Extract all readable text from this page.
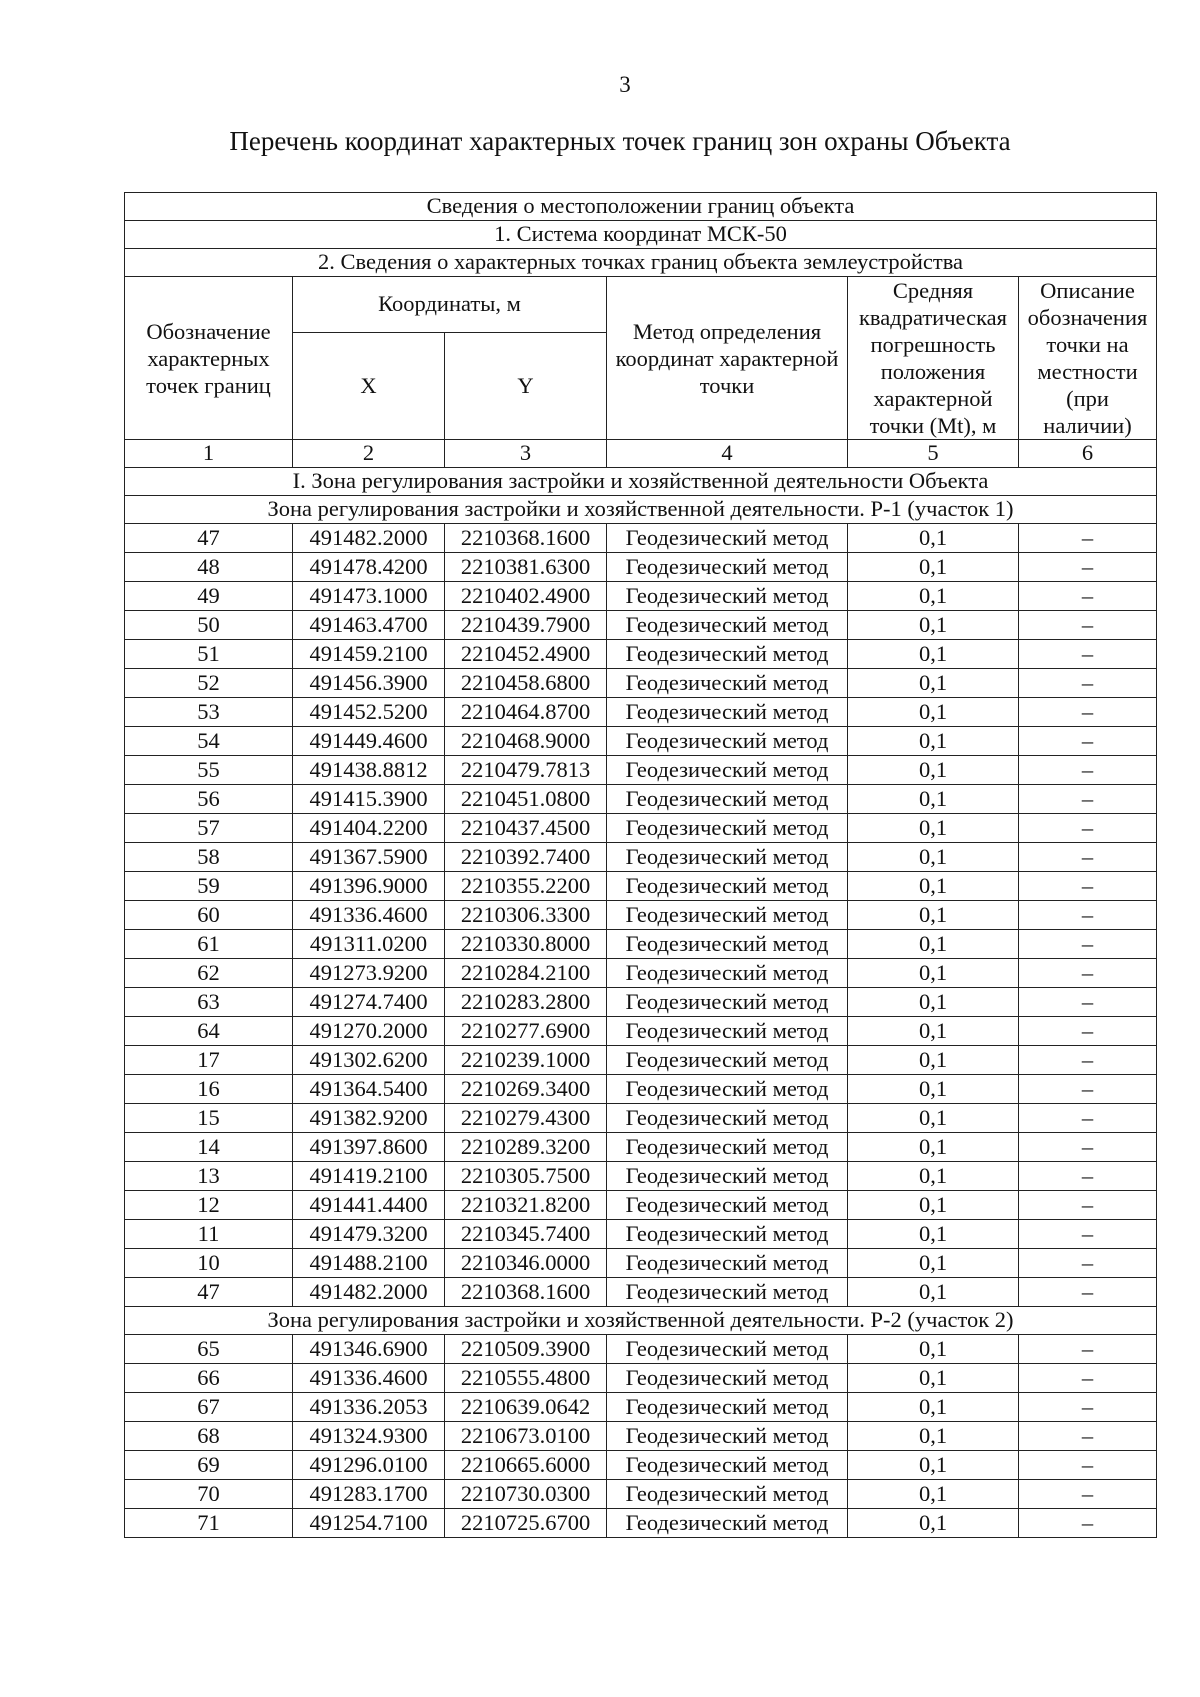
3
Перечень координат характерных точек границ зон охраны Объекта
Сведения о местоположении границ объекта					
1. Система координат МСК-50					
2. Сведения о характерных точках границ объекта землеустройства					
Обозначение характерных точек границ	Координаты, м		Метод определения координат характерной точки	Средняя квадратическая погрешность положения характерной точки (Mt), м	Описание обозначения точки на местности (при наличии)
	X	Y			
1	2	3	4	5	6
I. Зона регулирования застройки и хозяйственной деятельности Объекта					
Зона регулирования застройки и хозяйственной деятельности. Р-1 (участок 1)					
47	491482.2000	2210368.1600	Геодезический метод	0,1	–
48	491478.4200	2210381.6300	Геодезический метод	0,1	–
49	491473.1000	2210402.4900	Геодезический метод	0,1	–
50	491463.4700	2210439.7900	Геодезический метод	0,1	–
51	491459.2100	2210452.4900	Геодезический метод	0,1	–
52	491456.3900	2210458.6800	Геодезический метод	0,1	–
53	491452.5200	2210464.8700	Геодезический метод	0,1	–
54	491449.4600	2210468.9000	Геодезический метод	0,1	–
55	491438.8812	2210479.7813	Геодезический метод	0,1	–
56	491415.3900	2210451.0800	Геодезический метод	0,1	–
57	491404.2200	2210437.4500	Геодезический метод	0,1	–
58	491367.5900	2210392.7400	Геодезический метод	0,1	–
59	491396.9000	2210355.2200	Геодезический метод	0,1	–
60	491336.4600	2210306.3300	Геодезический метод	0,1	–
61	491311.0200	2210330.8000	Геодезический метод	0,1	–
62	491273.9200	2210284.2100	Геодезический метод	0,1	–
63	491274.7400	2210283.2800	Геодезический метод	0,1	–
64	491270.2000	2210277.6900	Геодезический метод	0,1	–
17	491302.6200	2210239.1000	Геодезический метод	0,1	–
16	491364.5400	2210269.3400	Геодезический метод	0,1	–
15	491382.9200	2210279.4300	Геодезический метод	0,1	–
14	491397.8600	2210289.3200	Геодезический метод	0,1	–
13	491419.2100	2210305.7500	Геодезический метод	0,1	–
12	491441.4400	2210321.8200	Геодезический метод	0,1	–
11	491479.3200	2210345.7400	Геодезический метод	0,1	–
10	491488.2100	2210346.0000	Геодезический метод	0,1	–
47	491482.2000	2210368.1600	Геодезический метод	0,1	–
Зона регулирования застройки и хозяйственной деятельности. Р-2 (участок 2)					
65	491346.6900	2210509.3900	Геодезический метод	0,1	–
66	491336.4600	2210555.4800	Геодезический метод	0,1	–
67	491336.2053	2210639.0642	Геодезический метод	0,1	–
68	491324.9300	2210673.0100	Геодезический метод	0,1	–
69	491296.0100	2210665.6000	Геодезический метод	0,1	–
70	491283.1700	2210730.0300	Геодезический метод	0,1	–
71	491254.7100	2210725.6700	Геодезический метод	0,1	–
